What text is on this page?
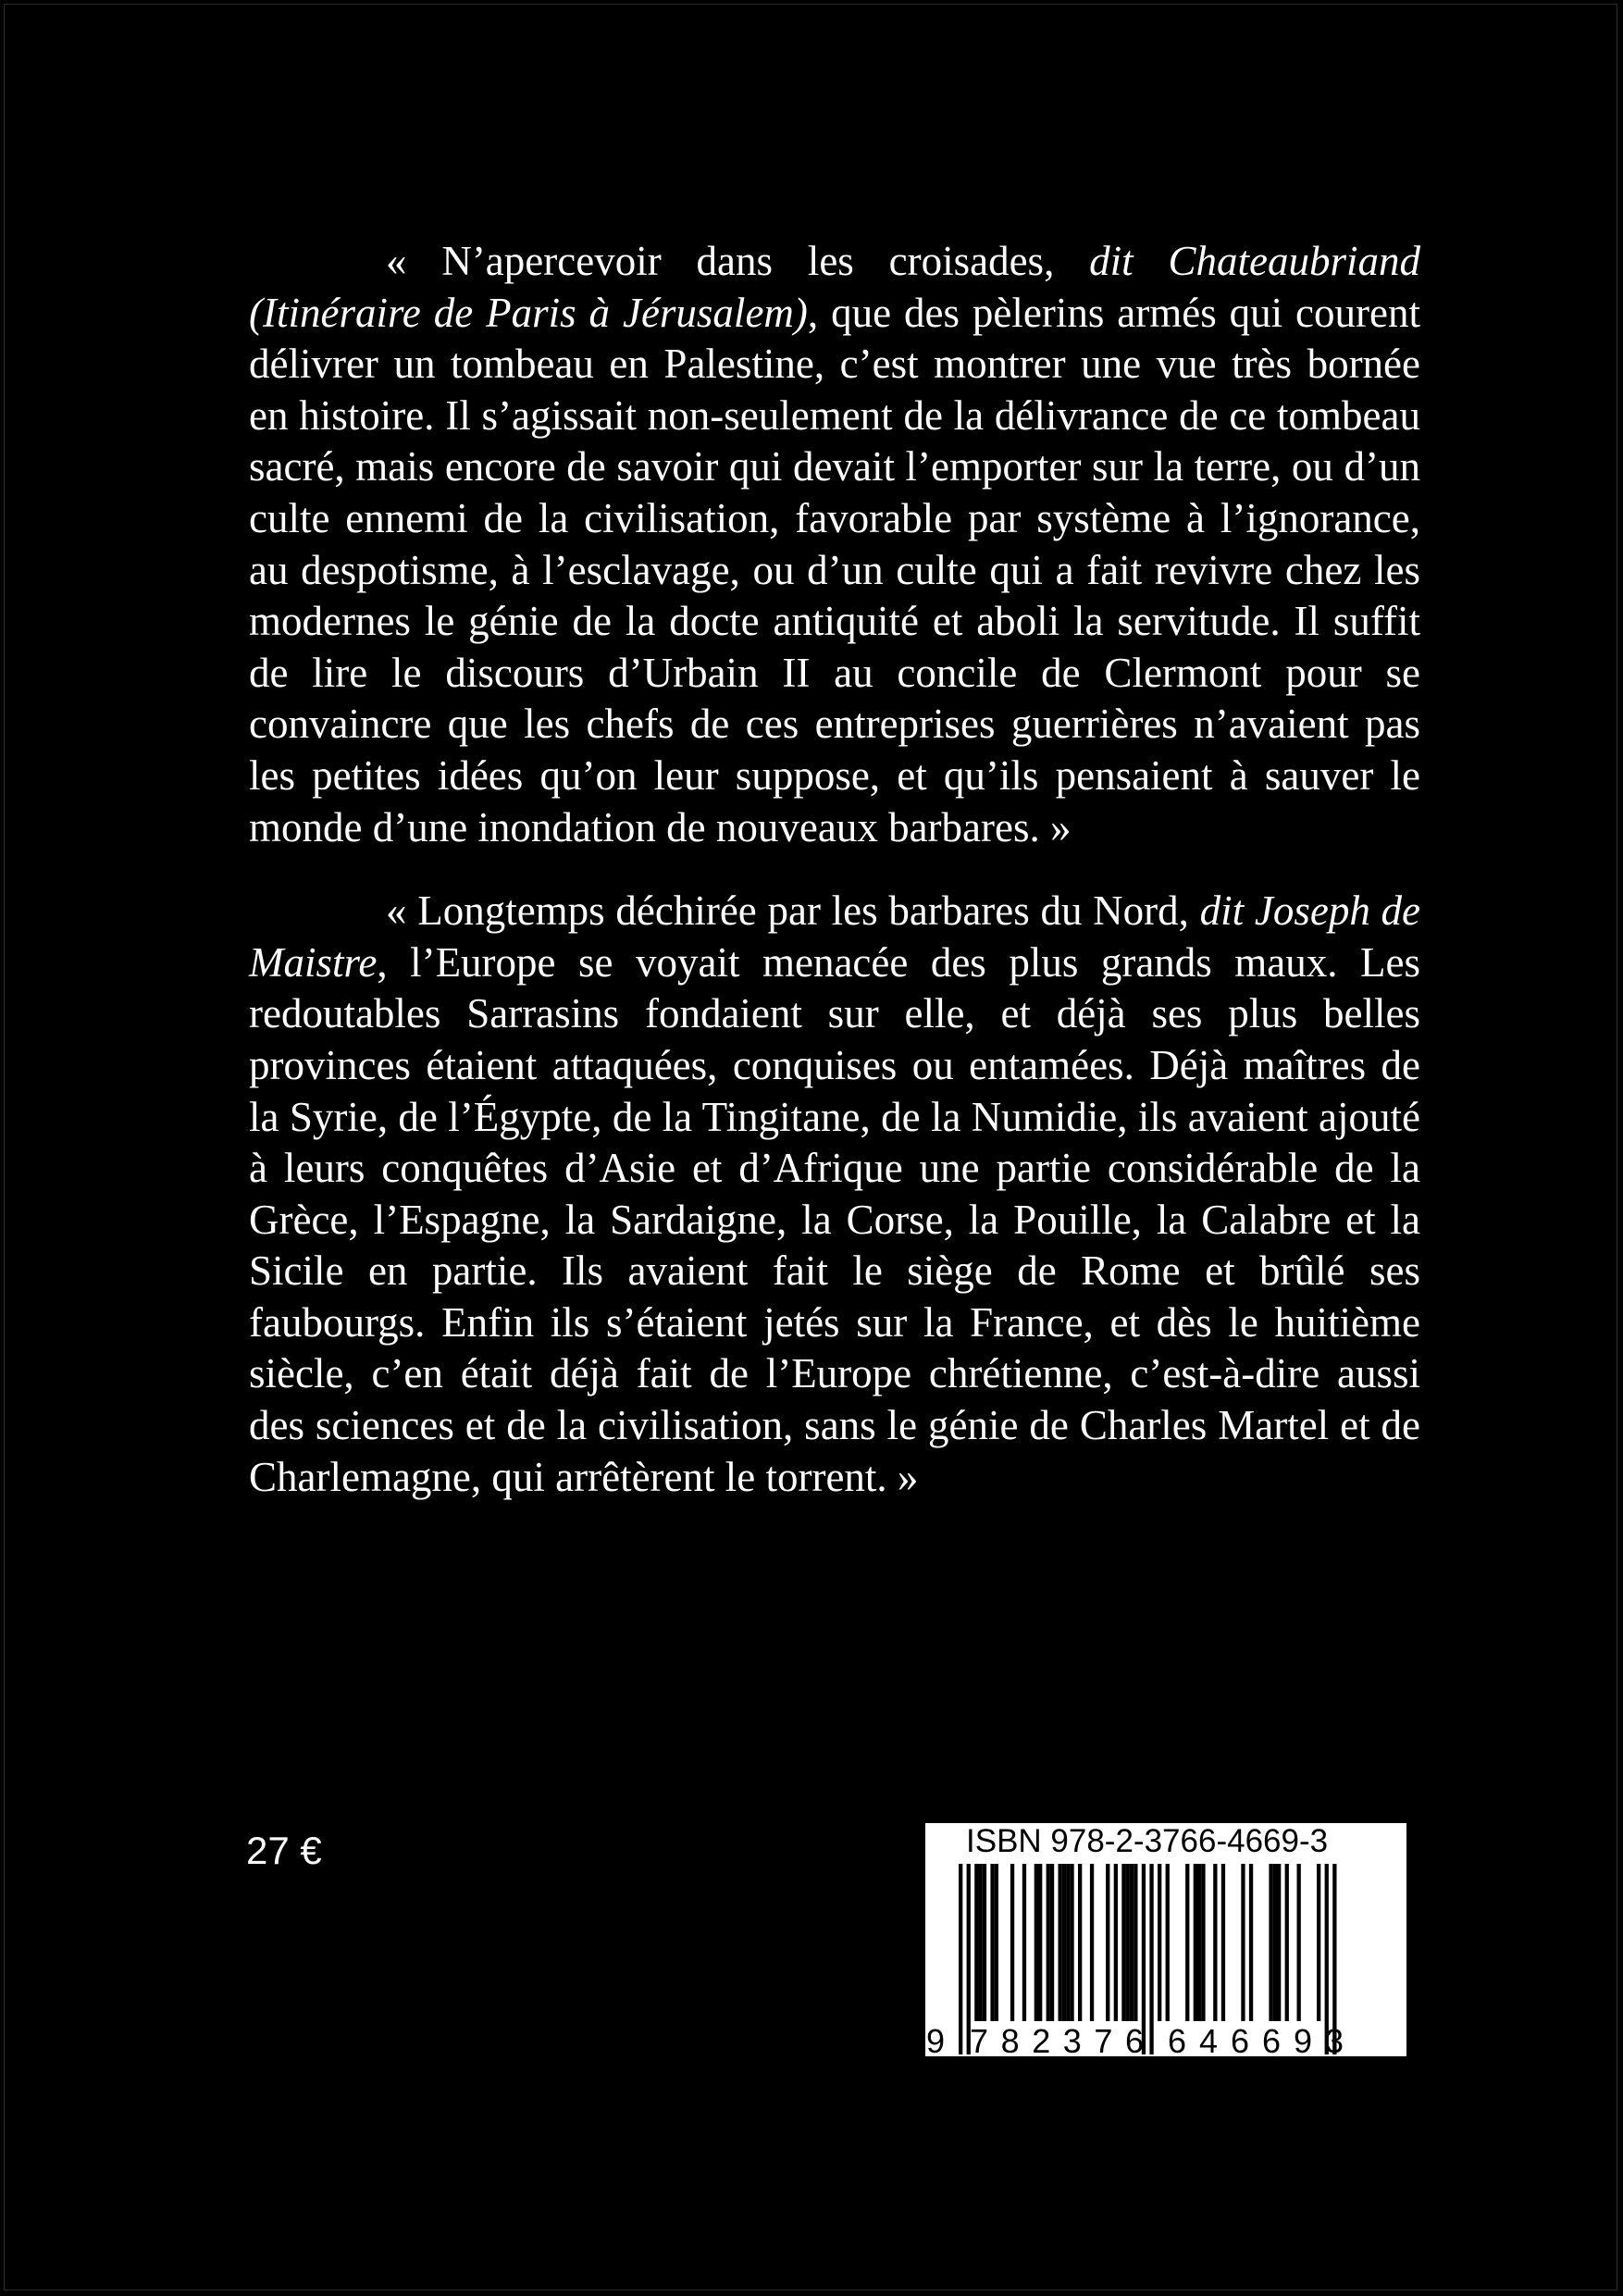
« N’apercevoir dans les croisades, dit Chateaubriand (Itinéraire de Paris à Jérusalem), que des pèlerins armés qui courent délivrer un tombeau en Palestine, c’est montrer une vue très bornée en histoire. Il s’agissait non-seulement de la délivrance de ce tombeau sacré, mais encore de savoir qui devait l’emporter sur la terre, ou d’un culte ennemi de la civilisation, favorable par système à l’ignorance, au despotisme, à l’esclavage, ou d’un culte qui a fait revivre chez les modernes le génie de la docte antiquité et aboli la servitude. Il suffit de lire le discours d’Urbain II au concile de Clermont pour se convaincre que les chefs de ces entreprises guerrières n’avaient pas les petites idées qu’on leur suppose, et qu’ils pensaient à sauver le monde d’une inondation de nouveaux barbares. »

« Longtemps déchirée par les barbares du Nord, dit Joseph de Maistre, l’Europe se voyait menacée des plus grands maux. Les redoutables Sarrasins fondaient sur elle, et déjà ses plus belles provinces étaient attaquées, conquises ou entamées. Déjà maîtres de la Syrie, de l’Égypte, de la Tingitane, de la Numidie, ils avaient ajouté à leurs conquêtes d’Asie et d’Afrique une partie considérable de la Grèce, l’Espagne, la Sardaigne, la Corse, la Pouille, la Calabre et la Sicile en partie. Ils avaient fait le siège de Rome et brûlé ses faubourgs. Enfin ils s’étaient jetés sur la France, et dès le huitième siècle, c’en était déjà fait de l’Europe chrétienne, c’est-à-dire aussi des sciences et de la civilisation, sans le génie de Charles Martel et de Charlemagne, qui arrêtèrent le torrent. »

27 €
9 782376 646693
ISBN 978-2-3766-4669-3
